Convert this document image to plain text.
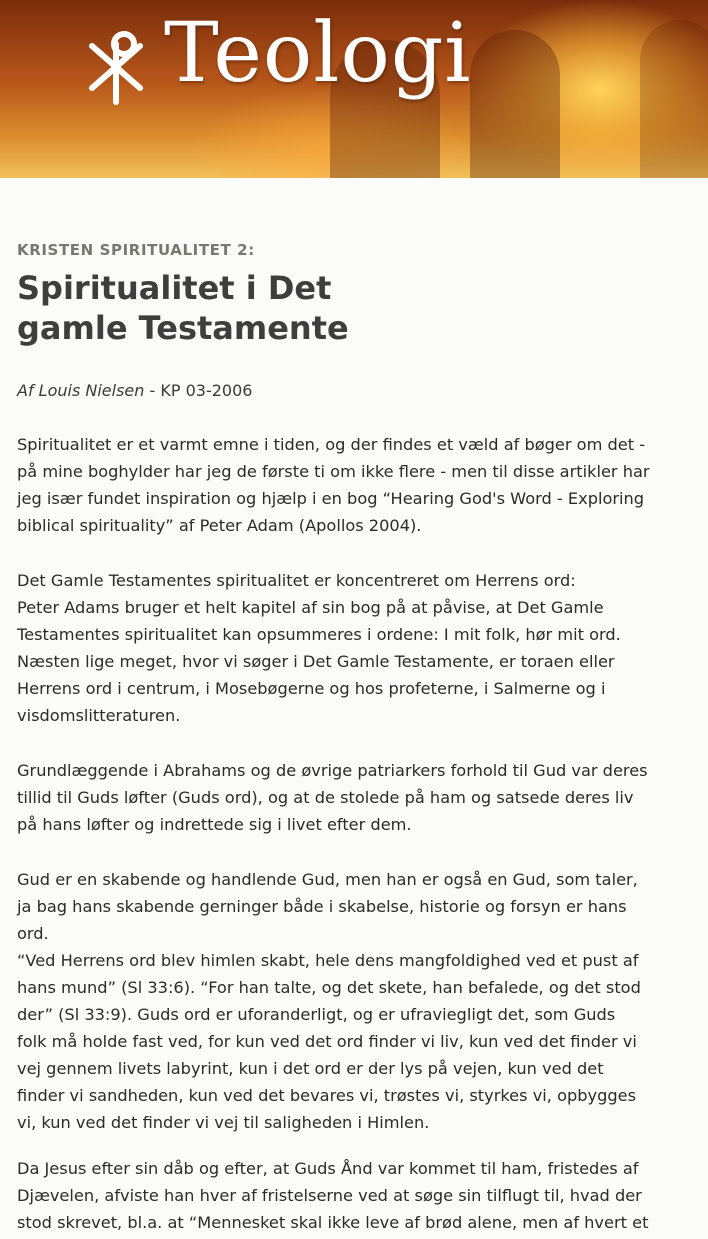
Teologi
KRISTEN SPIRITUALITET 2:
Spiritualitet i Det
gamle Testamente
Af Louis Nielsen - KP 03-2006
Spiritualitet er et varmt emne i tiden, og der findes et væld af bøger om det -
på mine boghylder har jeg de første ti om ikke flere - men til disse artikler har
jeg især fundet inspiration og hjælp i en bog “Hearing God's Word - Exploring
biblical spirituality” af Peter Adam (Apollos 2004).
Det Gamle Testamentes spiritualitet er koncentreret om Herrens ord:
Peter Adams bruger et helt kapitel af sin bog på at påvise, at Det Gamle
Testamentes spiritualitet kan opsummeres i ordene: I mit folk, hør mit ord.
Næsten lige meget, hvor vi søger i Det Gamle Testamente, er toraen eller
Herrens ord i centrum, i Mosebøgerne og hos profeterne, i Salmerne og i
visdomslitteraturen.
Grundlæggende i Abrahams og de øvrige patriarkers forhold til Gud var deres
tillid til Guds løfter (Guds ord), og at de stolede på ham og satsede deres liv
på hans løfter og indrettede sig i livet efter dem.
Gud er en skabende og handlende Gud, men han er også en Gud, som taler,
ja bag hans skabende gerninger både i skabelse, historie og forsyn er hans
ord.
“Ved Herrens ord blev himlen skabt, hele dens mangfoldighed ved et pust af
hans mund” (Sl 33:6). “For han talte, og det skete, han befalede, og det stod
der” (Sl 33:9). Guds ord er uforanderligt, og er ufraviegligt det, som Guds
folk må holde fast ved, for kun ved det ord finder vi liv, kun ved det finder vi
vej gennem livets labyrint, kun i det ord er der lys på vejen, kun ved det
finder vi sandheden, kun ved det bevares vi, trøstes vi, styrkes vi, opbygges
vi, kun ved det finder vi vej til saligheden i Himlen.
Da Jesus efter sin dåb og efter, at Guds Ånd var kommet til ham, fristedes af
Djævelen, afviste han hver af fristelserne ved at søge sin tilflugt til, hvad der
stod skrevet, bl.a. at “Mennesket skal ikke leve af brød alene, men af hvert et
